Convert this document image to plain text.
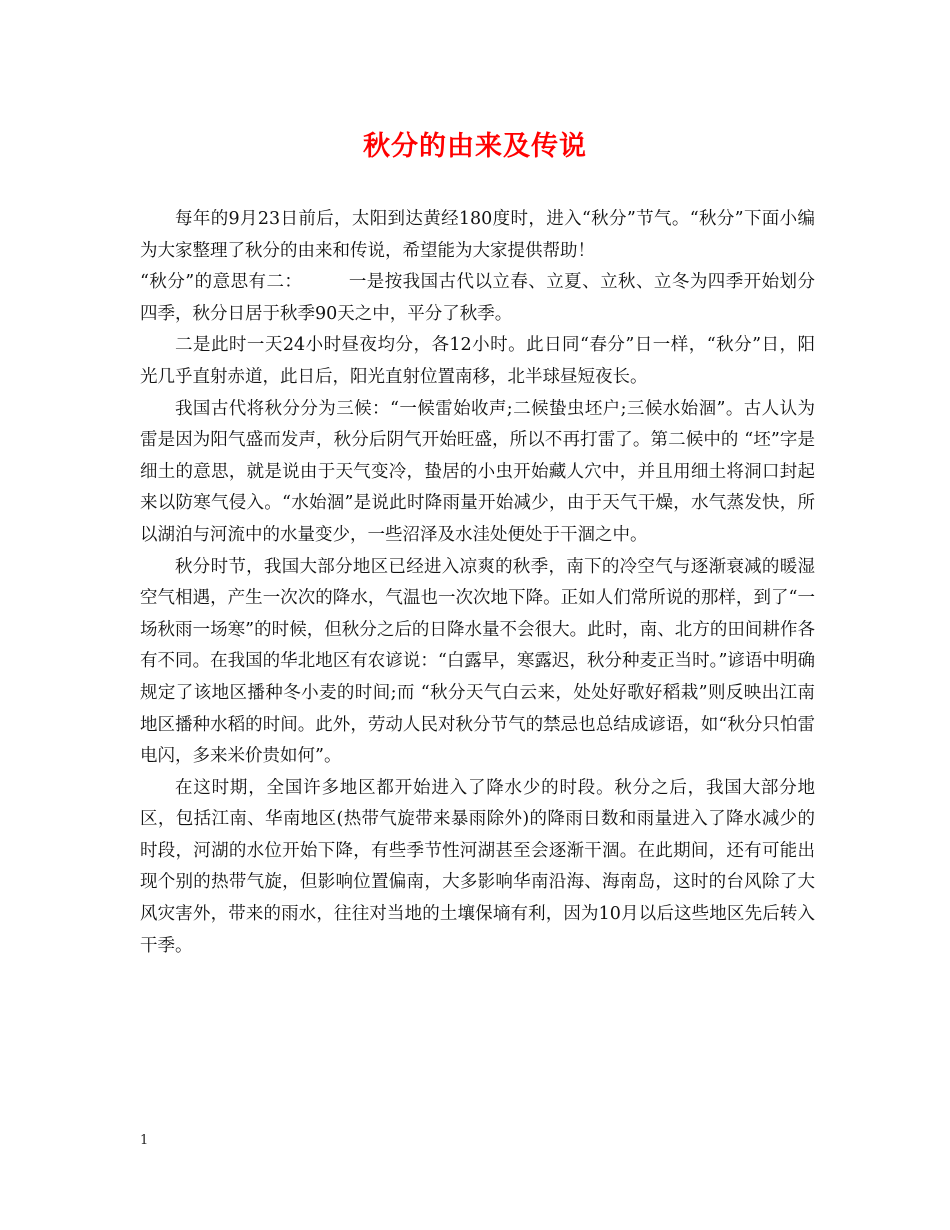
秋分的由来及传说

每年的9月23日前后，太阳到达黄经180度时，进入“秋分”节气。“秋分”下面小编为大家整理了秋分的由来和传说，希望能为大家提供帮助！

“秋分”的意思有二：	一是按我国古代以立春、立夏、立秋、立冬为四季开始划分四季，秋分日居于秋季90天之中，平分了秋季。

二是此时一天24小时昼夜均分，各12小时。此日同“春分”日一样，“秋分”日，阳光几乎直射赤道，此日后，阳光直射位置南移，北半球昼短夜长。

我国古代将秋分分为三候：“一候雷始收声;二候蛰虫坯户;三候水始涸”。古人认为雷是因为阳气盛而发声，秋分后阴气开始旺盛，所以不再打雷了。第二候中的 “坯”字是细土的意思，就是说由于天气变冷，蛰居的小虫开始藏人穴中，并且用细土将洞口封起来以防寒气侵入。“水始涸”是说此时降雨量开始减少，由于天气干燥，水气蒸发快，所以湖泊与河流中的水量变少，一些沼泽及水洼处便处于干涸之中。

秋分时节，我国大部分地区已经进入凉爽的秋季，南下的冷空气与逐渐衰减的暖湿空气相遇，产生一次次的降水，气温也一次次地下降。正如人们常所说的那样，到了“一场秋雨一场寒”的时候，但秋分之后的日降水量不会很大。此时，南、北方的田间耕作各有不同。在我国的华北地区有农谚说：“白露早，寒露迟，秋分种麦正当时。”谚语中明确规定了该地区播种冬小麦的时间;而 “秋分天气白云来，处处好歌好稻栽”则反映出江南地区播种水稻的时间。此外，劳动人民对秋分节气的禁忌也总结成谚语，如“秋分只怕雷电闪，多来米价贵如何”。

在这时期，全国许多地区都开始进入了降水少的时段。秋分之后，我国大部分地区，包括江南、华南地区(热带气旋带来暴雨除外)的降雨日数和雨量进入了降水减少的时段，河湖的水位开始下降，有些季节性河湖甚至会逐渐干涸。在此期间，还有可能出现个别的热带气旋，但影响位置偏南，大多影响华南沿海、海南岛，这时的台风除了大风灾害外，带来的雨水，往往对当地的土壤保墒有利，因为10月以后这些地区先后转入干季。

1
